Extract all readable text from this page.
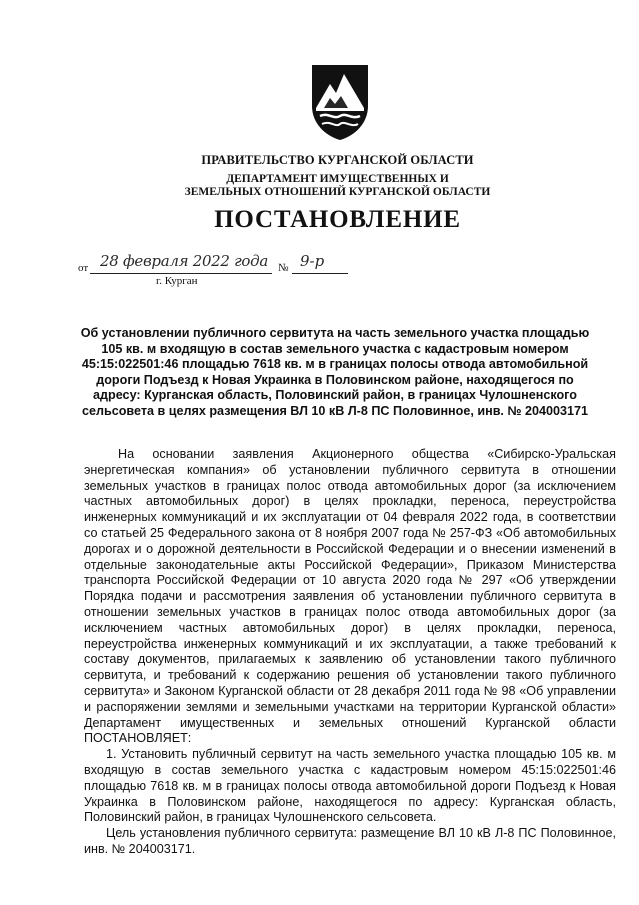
ПРАВИТЕЛЬСТВО КУРГАНСКОЙ ОБЛАСТИ
ДЕПАРТАМЕНТ ИМУЩЕСТВЕННЫХ И
ЗЕМЕЛЬНЫХ ОТНОШЕНИЙ КУРГАНСКОЙ ОБЛАСТИ
ПОСТАНОВЛЕНИЕ
от 28 февраля 2022 года № 9-р
г. Курган
Об установлении публичного сервитута на часть земельного участка площадью 105 кв. м входящую в состав земельного участка с кадастровым номером 45:15:022501:46 площадью 7618 кв. м в границах полосы отвода автомобильной дороги Подъезд к Новая Украинка в Половинском районе, находящегося по адресу: Курганская область, Половинский район, в границах Чулошненского сельсовета в целях размещения ВЛ 10 кВ Л-8 ПС Половинное, инв. № 204003171

На основании заявления Акционерного общества «Сибирско-Уральская энергетическая компания» об установлении публичного сервитута в отношении земельных участков в границах полос отвода автомобильных дорог (за исключением частных автомобильных дорог) в целях прокладки, переноса, переустройства инженерных коммуникаций и их эксплуатации от 04 февраля 2022 года, в соответствии со статьей 25 Федерального закона от 8 ноября 2007 года № 257-ФЗ «Об автомобильных дорогах и о дорожной деятельности в Российской Федерации и о внесении изменений в отдельные законодательные акты Российской Федерации», Приказом Министерства транспорта Российской Федерации от 10 августа 2020 года № 297 «Об утверждении Порядка подачи и рассмотрения заявления об установлении публичного сервитута в отношении земельных участков в границах полос отвода автомобильных дорог (за исключением частных автомобильных дорог) в целях прокладки, переноса, переустройства инженерных коммуникаций и их эксплуатации, а также требований к составу документов, прилагаемых к заявлению об установлении такого публичного сервитута, и требований к содержанию решения об установлении такого публичного сервитута» и Законом Курганской области от 28 декабря 2011 года № 98 «Об управлении и распоряжении землями и земельными участками на территории Курганской области» Департамент имущественных и земельных отношений Курганской области ПОСТАНОВЛЯЕТ:

1. Установить публичный сервитут на часть земельного участка площадью 105 кв. м входящую в состав земельного участка с кадастровым номером 45:15:022501:46 площадью 7618 кв. м в границах полосы отвода автомобильной дороги Подъезд к Новая Украинка в Половинском районе, находящегося по адресу: Курганская область, Половинский район, в границах Чулошненского сельсовета.

Цель установления публичного сервитута: размещение ВЛ 10 кВ Л-8 ПС Половинное, инв. № 204003171.
